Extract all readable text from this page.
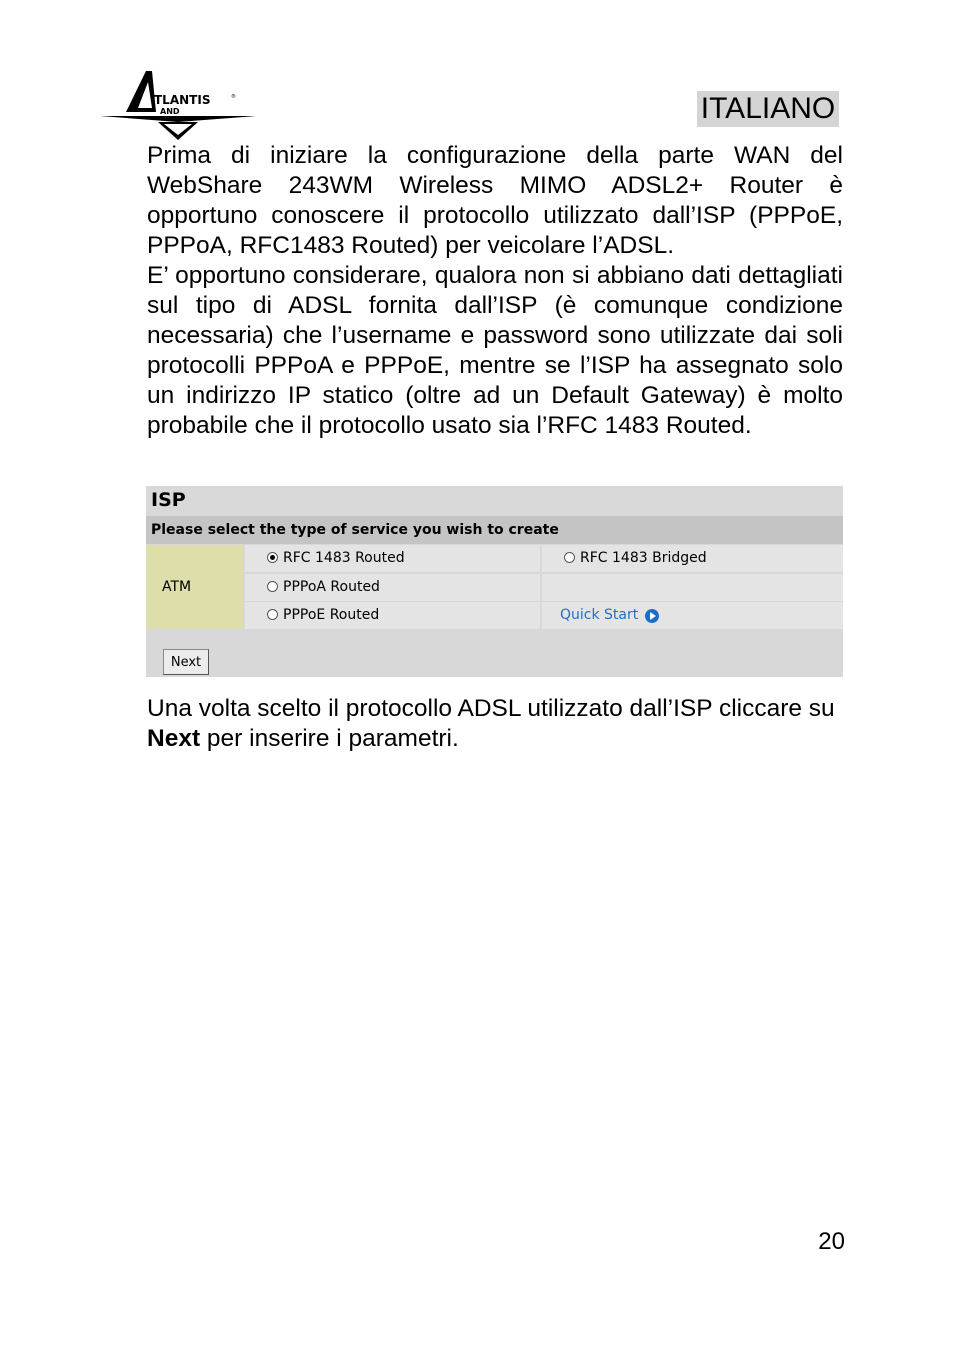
TLANTIS	®
AND	ITALIANO

Prima di iniziare la configurazione della parte WAN del WebShare 243WM Wireless MIMO ADSL2+ Router è opportuno conoscere il protocollo utilizzato dall’ISP (PPPoE, PPPoA, RFC1483 Routed) per veicolare l’ADSL.

E’ opportuno considerare, qualora non si abbiano dati dettagliati sul tipo di ADSL fornita dall’ISP (è comunque condizione necessaria) che l’username e password sono utilizzate dai soli protocolli PPPoA e PPPoE, mentre se l’ISP ha assegnato solo un indirizzo IP statico (oltre ad un Default Gateway) è molto probabile che il protocollo usato sia l’RFC 1483 Routed.

ISP
Please select the type of service you wish to create
ATM
RFC 1483 Routed	RFC 1483 Bridged
PPPoA Routed
PPPoE Routed	Quick Start
Next

Una volta scelto il protocollo ADSL utilizzato dall’ISP cliccare su Next per inserire i parametri.

20
